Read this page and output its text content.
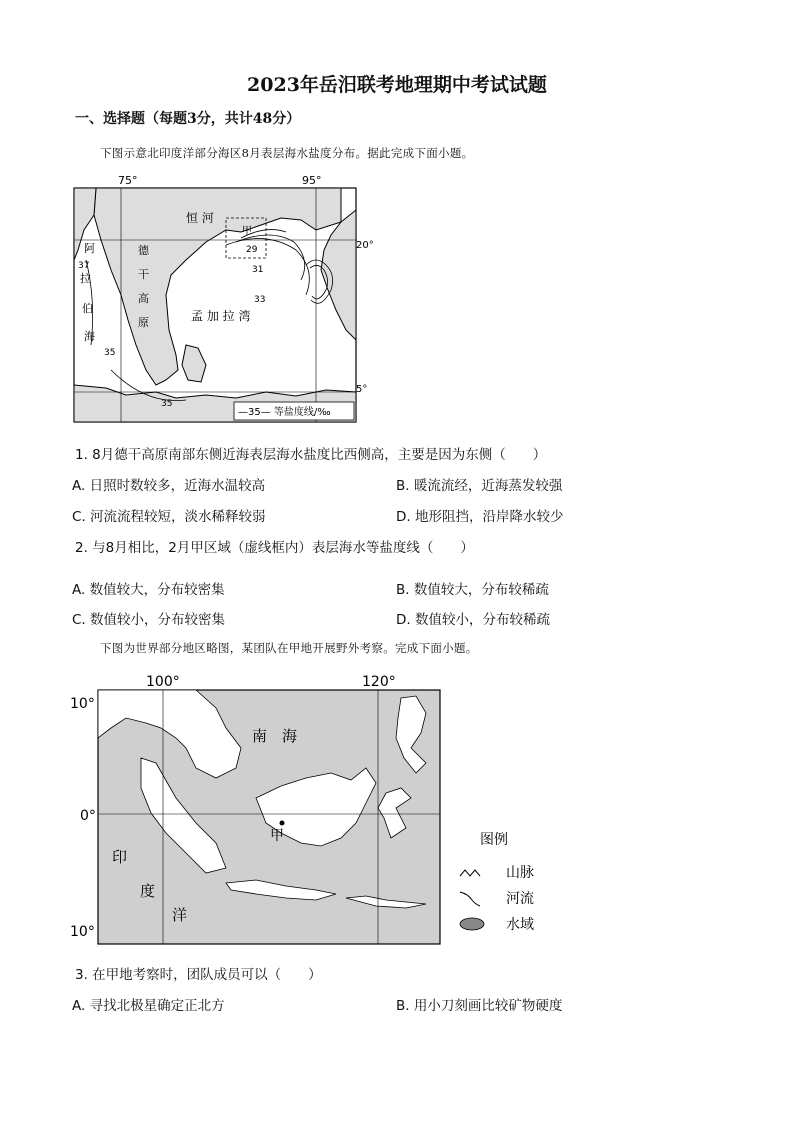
2023年岳汨联考地理期中考试试题
一、选择题（每题3分，共计48分）
下图示意北印度洋部分海区8月表层海水盐度分布。据此完成下面小题。
75°	95°
恒 河
甲
29
31
33
20°
37
阿
拉
伯
海
德
干
高
原	孟 加 拉 湾
35
35
5°
—35— 等盐度线/‰
1. 8月德干高原南部东侧近海表层海水盐度比西侧高，主要是因为东侧（　　）
A. 日照时数较多，近海水温较高	B. 暖流流经，近海蒸发较强
C. 河流流程较短，淡水稀释较弱	D. 地形阻挡，沿岸降水较少
2. 与8月相比，2月甲区域（虚线框内）表层海水等盐度线（　　）
A. 数值较大，分布较密集	B. 数值较大，分布较稀疏
C. 数值较小，分布较密集	D. 数值较小，分布较稀疏
下图为世界部分地区略图，某团队在甲地开展野外考察。完成下面小题。
100°	120°
10°
0°
10°
南　海
印
度
洋
甲	图例
山脉
河流
水域
3. 在甲地考察时，团队成员可以（　　）
A. 寻找北极星确定正北方	B. 用小刀刻画比较矿物硬度
